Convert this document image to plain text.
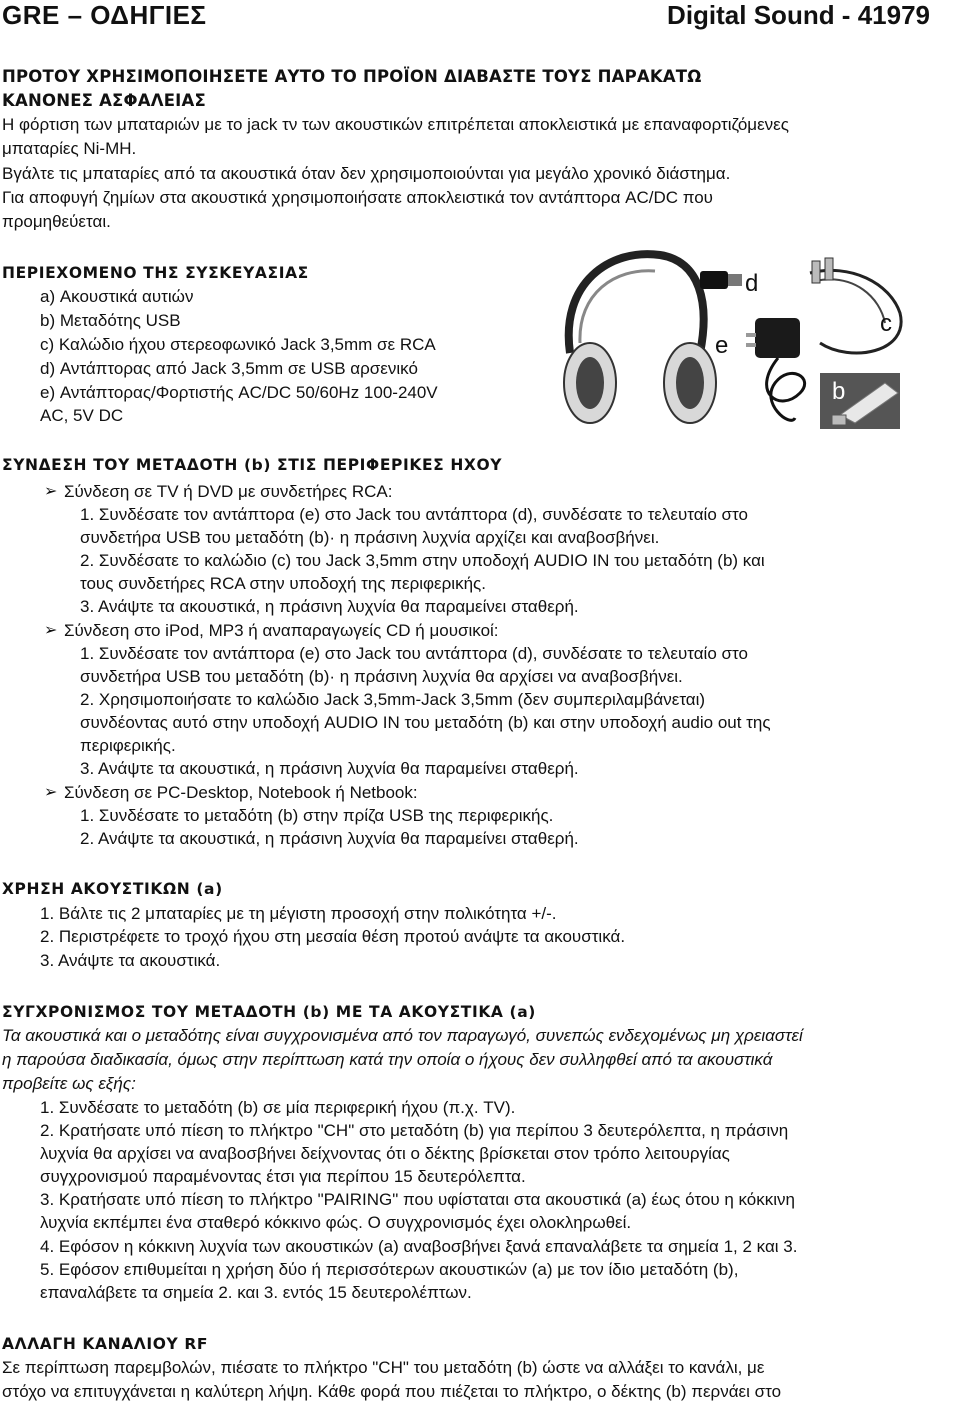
GRE – ΟΔΗΓΙΕΣ	Digital Sound - 41979
ΠΡΟΤΟΥ ΧΡΗΣΙΜΟΠΟΙΗΣΕΤΕ ΑΥΤΟ ΤΟ ΠΡΟΪΟΝ ΔΙΑΒΑΣΤΕ ΤΟΥΣ ΠΑΡΑΚΑΤΩ
ΚΑΝΟΝΕΣ ΑΣΦΑΛΕΙΑΣ
Η φόρτιση των μπαταριών με το jack τν των ακουστικών επιτρέπεται αποκλειστικά με επαναφορτιζόμενες
μπαταρίες Ni-MH.
Βγάλτε τις μπαταρίες από τα ακουστικά όταν δεν χρησιμοποιούνται για μεγάλο χρονικό διάστημα.
Για αποφυγή ζημίων στα ακουστικά χρησιμοποιήσατε αποκλειστικά τον αντάπτορα AC/DC που
προμηθεύεται.
ΠΕΡΙΕΧΟΜΕΝΟ ΤΗΣ ΣΥΣΚΕΥΑΣΙΑΣ
a) Ακουστικά αυτιών
b) Μεταδότης USB
c) Καλώδιο ήχου στερεοφωνικό Jack 3,5mm σε RCA
d) Αντάπτορας από Jack 3,5mm σε USB αρσενικό
e) Αντάπτορας/Φορτιστής AC/DC 50/60Hz 100-240V
AC, 5V DC
a
d
c
e
b
ΣΥΝΔΕΣΗ ΤΟΥ ΜΕΤΑΔΟΤΗ (b) ΣΤΙΣ ΠΕΡΙΦΕΡΙΚΕΣ ΗΧΟΥ
➢ Σύνδεση σε TV ή DVD με συνδετήρες RCA:
1. Συνδέσατε τον αντάπτορα (e) στο Jack του αντάπτορα (d), συνδέσατε το τελευταίο στο
συνδετήρα USB του μεταδότη (b)· η πράσινη λυχνία αρχίζει και αναβοσβήνει.
2. Συνδέσατε το καλώδιο (c) του Jack 3,5mm στην υποδοχή AUDIO IN του μεταδότη (b) και
τους συνδετήρες RCA στην υποδοχή της περιφερικής.
3. Ανάψτε τα ακουστικά, η πράσινη λυχνία θα παραμείνει σταθερή.
➢ Σύνδεση στο iPod, MP3 ή αναπαραγωγείς CD ή μουσικοί:
1. Συνδέσατε τον αντάπτορα (e) στο Jack του αντάπτορα (d), συνδέσατε το τελευταίο στο
συνδετήρα USB του μεταδότη (b)· η πράσινη λυχνία θα αρχίσει να αναβοσβήνει.
2. Χρησιμοποιήσατε το καλώδιο Jack 3,5mm-Jack 3,5mm (δεν συμπεριλαμβάνεται)
συνδέοντας αυτό στην υποδοχή AUDIO IN του μεταδότη (b) και στην υποδοχή audio out της
περιφερικής.
3. Ανάψτε τα ακουστικά, η πράσινη λυχνία θα παραμείνει σταθερή.
➢ Σύνδεση σε PC-Desktop, Notebook ή Netbook:
1. Συνδέσατε το μεταδότη (b) στην πρίζα USB της περιφερικής.
2. Ανάψτε τα ακουστικά, η πράσινη λυχνία θα παραμείνει σταθερή.
ΧΡΗΣΗ ΑΚΟΥΣΤΙΚΩΝ (a)
1. Βάλτε τις 2 μπαταρίες με τη μέγιστη προσοχή στην πολικότητα +/-.
2. Περιστρέφετε το τροχό ήχου στη μεσαία θέση προτού ανάψτε τα ακουστικά.
3. Ανάψτε τα ακουστικά.
ΣΥΓΧΡΟΝΙΣΜΟΣ ΤΟΥ ΜΕΤΑΔΟΤΗ (b) ΜΕ ΤΑ ΑΚΟΥΣΤΙΚΑ (a)
Τα ακουστικά και ο μεταδότης είναι συγχρονισμένα από τον παραγωγό, συνεπώς ενδεχομένως μη χρειαστεί
η παρούσα διαδικασία, όμως στην περίπτωση κατά την οποία ο ήχους δεν συλληφθεί από τα ακουστικά
προβείτε ως εξής:
1. Συνδέσατε το μεταδότη (b) σε μία περιφερική ήχου (π.χ. TV).
2. Κρατήσατε υπό πίεση το πλήκτρο "CH" στο μεταδότη (b) για περίπου 3 δευτερόλεπτα, η πράσινη
λυχνία θα αρχίσει να αναβοσβήνει δείχνοντας ότι ο δέκτης βρίσκεται στον τρόπο λειτουργίας
συγχρονισμού παραμένοντας έτσι για περίπου 15 δευτερόλεπτα.
3. Κρατήσατε υπό πίεση το πλήκτρο "PAIRING" που υφίσταται στα ακουστικά (a) έως ότου η κόκκινη
λυχνία εκπέμπει ένα σταθερό κόκκινο φώς. Ο συγχρονισμός έχει ολοκληρωθεί.
4. Εφόσον η κόκκινη λυχνία των ακουστικών (a) αναβοσβήνει ξανά επαναλάβετε τα σημεία 1, 2 και 3.
5. Εφόσον επιθυμείται η χρήση δύο ή περισσότερων ακουστικών (a) με τον ίδιο μεταδότη (b),
επαναλάβετε τα σημεία 2. και 3. εντός 15 δευτερολέπτων.
ΑΛΛΑΓΗ ΚΑΝΑΛΙΟΥ RF
Σε περίπτωση παρεμβολών, πιέσατε το πλήκτρο "CH" του μεταδότη (b) ώστε να αλλάξει το κανάλι, με
στόχο να επιτυγχάνεται η καλύτερη λήψη. Κάθε φορά που πιέζεται το πλήκτρο, ο δέκτης (b) περνάει στο
